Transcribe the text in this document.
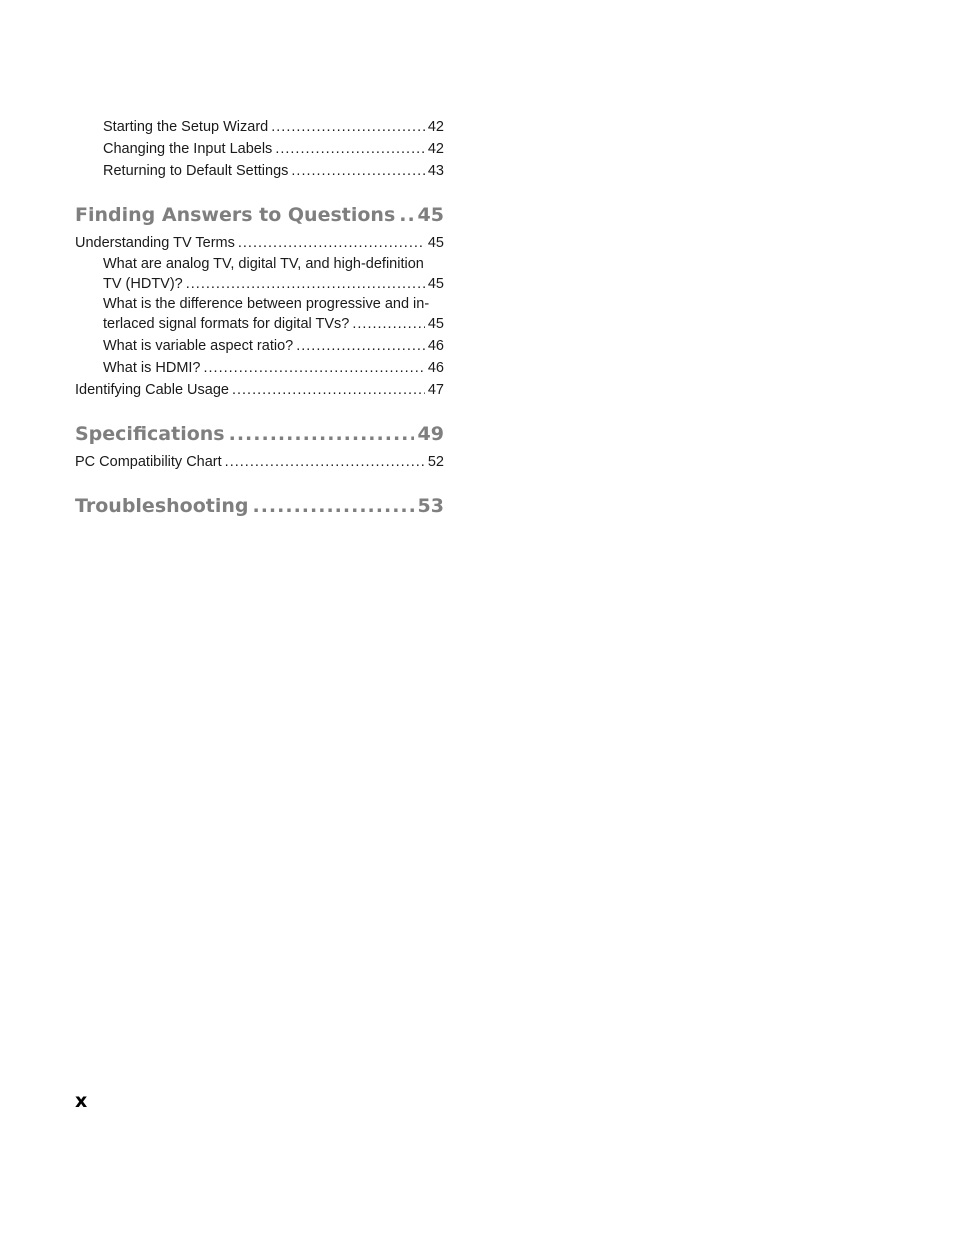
Starting the Setup Wizard .....	42
Changing the Input Labels .....	42
Returning to Default Settings .....	43
Finding Answers to Questions ..... 45
Understanding TV Terms .....	45
What are analog TV, digital TV, and high-definition
TV (HDTV)? .....	45
What is the difference between progressive and in-
terlaced signal formats for digital TVs? .....	45
What is variable aspect ratio? .....	46
What is HDMI? .....	46
Identifying Cable Usage .....	47
Specifications .....	49
PC Compatibility Chart .....	52
Troubleshooting .....	53
x
